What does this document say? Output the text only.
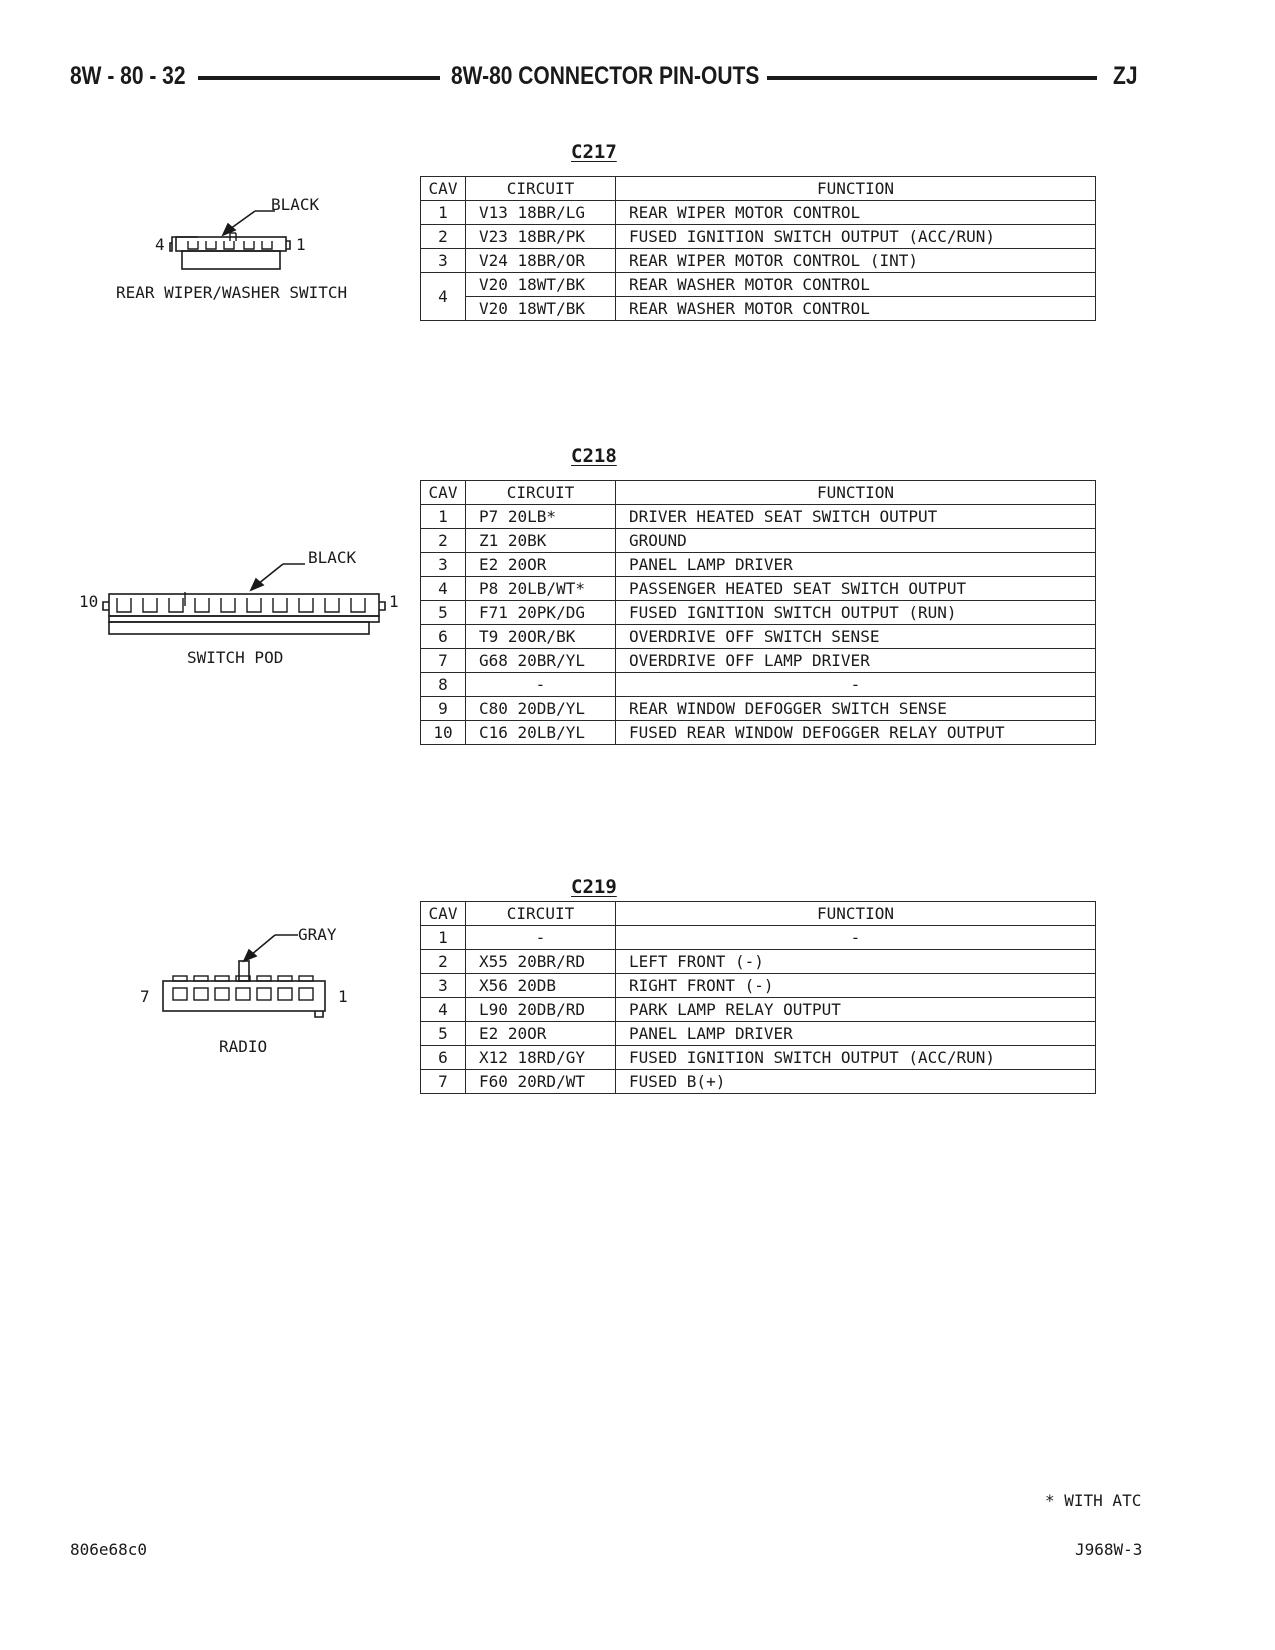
8W - 80 - 32	8W-80 CONNECTOR PIN-OUTS	ZJ
C217
BLACK
4	1
REAR WIPER/WASHER SWITCH
CAV	CIRCUIT	FUNCTION
1	V13 18BR/LG	REAR WIPER MOTOR CONTROL
2	V23 18BR/PK	FUSED IGNITION SWITCH OUTPUT (ACC/RUN)
3	V24 18BR/OR	REAR WIPER MOTOR CONTROL (INT)
4	V20 18WT/BK	REAR WASHER MOTOR CONTROL
	V20 18WT/BK	REAR WASHER MOTOR CONTROL
C218
BLACK
10	1
SWITCH POD
CAV	CIRCUIT	FUNCTION
1	P7 20LB*	DRIVER HEATED SEAT SWITCH OUTPUT
2	Z1 20BK	GROUND
3	E2 20OR	PANEL LAMP DRIVER
4	P8 20LB/WT*	PASSENGER HEATED SEAT SWITCH OUTPUT
5	F71 20PK/DG	FUSED IGNITION SWITCH OUTPUT (RUN)
6	T9 20OR/BK	OVERDRIVE OFF SWITCH SENSE
7	G68 20BR/YL	OVERDRIVE OFF LAMP DRIVER
8	-	-
9	C80 20DB/YL	REAR WINDOW DEFOGGER SWITCH SENSE
10	C16 20LB/YL	FUSED REAR WINDOW DEFOGGER RELAY OUTPUT
C219
GRAY
7	1
RADIO
CAV	CIRCUIT	FUNCTION
1	-	-
2	X55 20BR/RD	LEFT FRONT (-)
3	X56 20DB	RIGHT FRONT (-)
4	L90 20DB/RD	PARK LAMP RELAY OUTPUT
5	E2 20OR	PANEL LAMP DRIVER
6	X12 18RD/GY	FUSED IGNITION SWITCH OUTPUT (ACC/RUN)
7	F60 20RD/WT	FUSED B(+)
* WITH ATC
806e68c0	J968W-3
